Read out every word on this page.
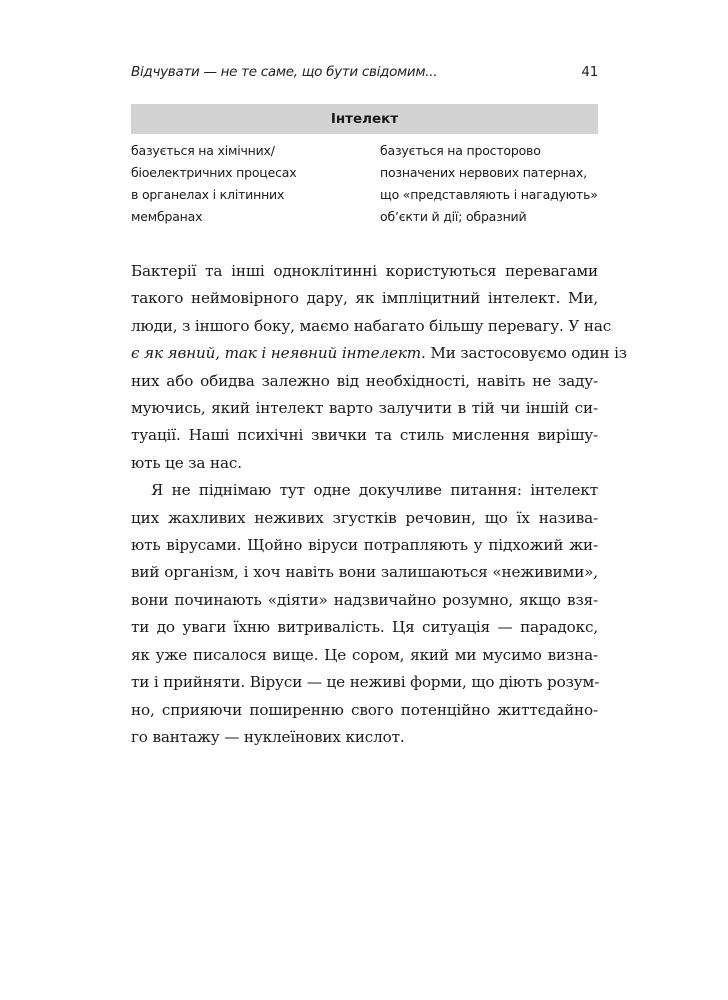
Відчувати — не те саме, що бути свідомим...	41
Інтелект
базується на хімічних/
біоелектричних процесах
в органелах і клітинних
мембранах
базується на просторово
позначених нервових патернах,
що «представляють і нагадують»
об’єкти й дії; образний

Бактерії та інші одноклітинні користуються перевагами
такого неймовірного дару, як імпліцитний інтелект. Ми,
люди, з іншого боку, маємо набагато більшу перевагу. У нас
є як явний, так і неявний інтелект. Ми застосовуємо один із
них або обидва залежно від необхідності, навіть не заду-
муючись, який інтелект варто залучити в тій чи іншій си-
туації. Наші психічні звички та стиль мислення вирішу-
ють це за нас.

Я не піднімаю тут одне докучливе питання: інтелект
цих жахливих неживих згустків речовин, що їх назива-
ють вірусами. Щойно віруси потрапляють у підхожий жи-
вий організм, і хоч навіть вони залишаються «неживими»,
вони починають «діяти» надзвичайно розумно, якщо взя-
ти до уваги їхню витривалість. Ця ситуація — парадокс,
як уже писалося вище. Це сором, який ми мусимо визна-
ти і прийняти. Віруси — це неживі форми, що діють розум-
но, сприяючи поширенню свого потенційно життєдайно-
го вантажу — нуклеїнових кислот.
